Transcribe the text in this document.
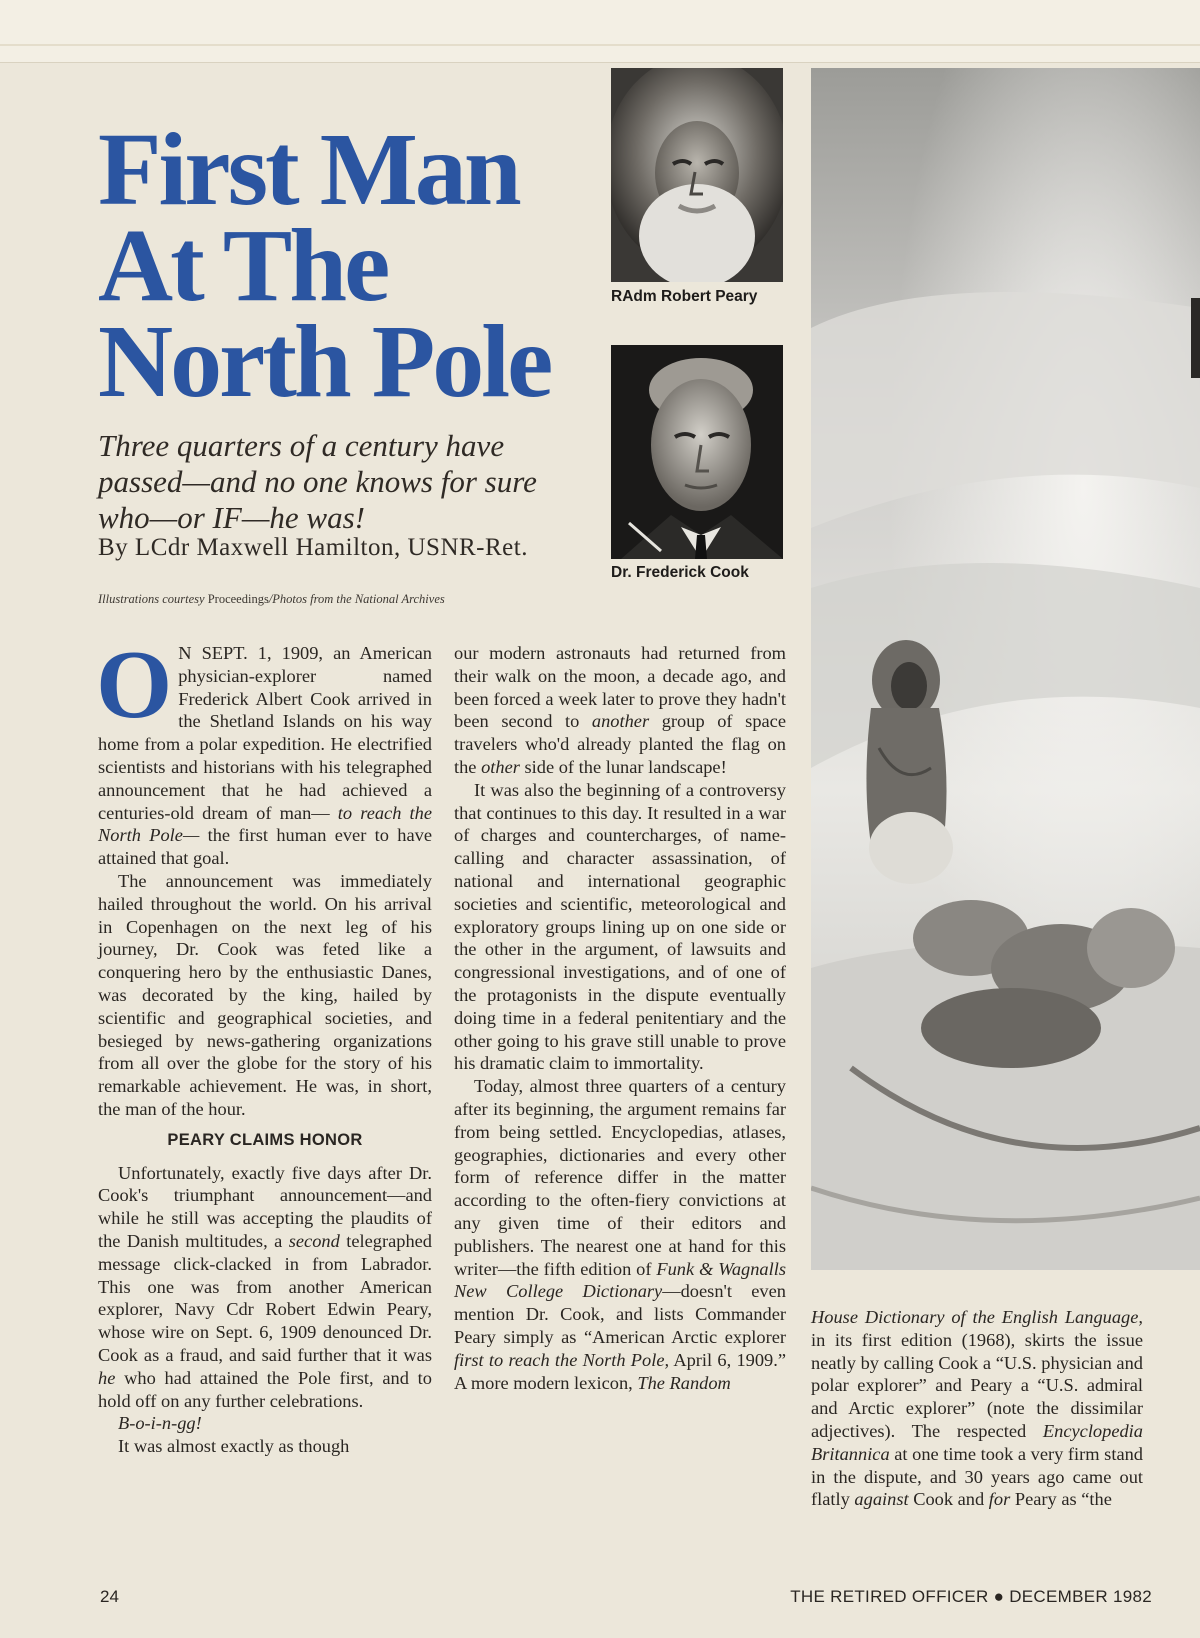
First Man
At The
North Pole
Three quarters of a century have passed—and no one knows for sure who—or IF—he was!
By LCdr Maxwell Hamilton, USNR-Ret.
Illustrations courtesy Proceedings/Photos from the National Archives
RAdm Robert Peary
Dr. Frederick Cook

O N SEPT. 1, 1909, an American physician-explorer named Frederick Albert Cook arrived in the Shetland Islands on his way home from a polar expedition. He electrified scientists and historians with his telegraphed announcement that he had achieved a centuries-old dream of man— to reach the North Pole— the first human ever to have attained that goal.

The announcement was immediately hailed throughout the world. On his arrival in Copenhagen on the next leg of his journey, Dr. Cook was feted like a conquering hero by the enthusiastic Danes, was decorated by the king, hailed by scientific and geographical societies, and besieged by news-gathering organizations from all over the globe for the story of his remarkable achievement. He was, in short, the man of the hour.

PEARY CLAIMS HONOR

Unfortunately, exactly five days after Dr. Cook's triumphant announcement—and while he still was accepting the plaudits of the Danish multitudes, a second telegraphed message click-clacked in from Labrador. This one was from another American explorer, Navy Cdr Robert Edwin Peary, whose wire on Sept. 6, 1909 denounced Dr. Cook as a fraud, and said further that it was he who had attained the Pole first, and to hold off on any further celebrations.

B-o-i-n-gg!

It was almost exactly as though

our modern astronauts had returned from their walk on the moon, a decade ago, and been forced a week later to prove they hadn't been second to another group of space travelers who'd already planted the flag on the other side of the lunar landscape!

It was also the beginning of a controversy that continues to this day. It resulted in a war of charges and countercharges, of name-calling and character assassination, of national and international geographic societies and scientific, meteorological and exploratory groups lining up on one side or the other in the argument, of lawsuits and congressional investigations, and of one of the protagonists in the dispute eventually doing time in a federal penitentiary and the other going to his grave still unable to prove his dramatic claim to immortality.

Today, almost three quarters of a century after its beginning, the argument remains far from being settled. Encyclopedias, atlases, geographies, dictionaries and every other form of reference differ in the matter according to the often-fiery convictions at any given time of their editors and publishers. The nearest one at hand for this writer—the fifth edition of Funk & Wagnalls New College Dictionary—doesn't even mention Dr. Cook, and lists Commander Peary simply as “American Arctic explorer first to reach the North Pole, April 6, 1909.” A more modern lexicon, The Random

House Dictionary of the English Language, in its first edition (1968), skirts the issue neatly by calling Cook a “U.S. physician and polar explorer” and Peary a “U.S. admiral and Arctic explorer” (note the dissimilar adjectives). The respected Encyclopedia Britannica at one time took a very firm stand in the dispute, and 30 years ago came out flatly against Cook and for Peary as “the

24	THE RETIRED OFFICER ● DECEMBER 1982
